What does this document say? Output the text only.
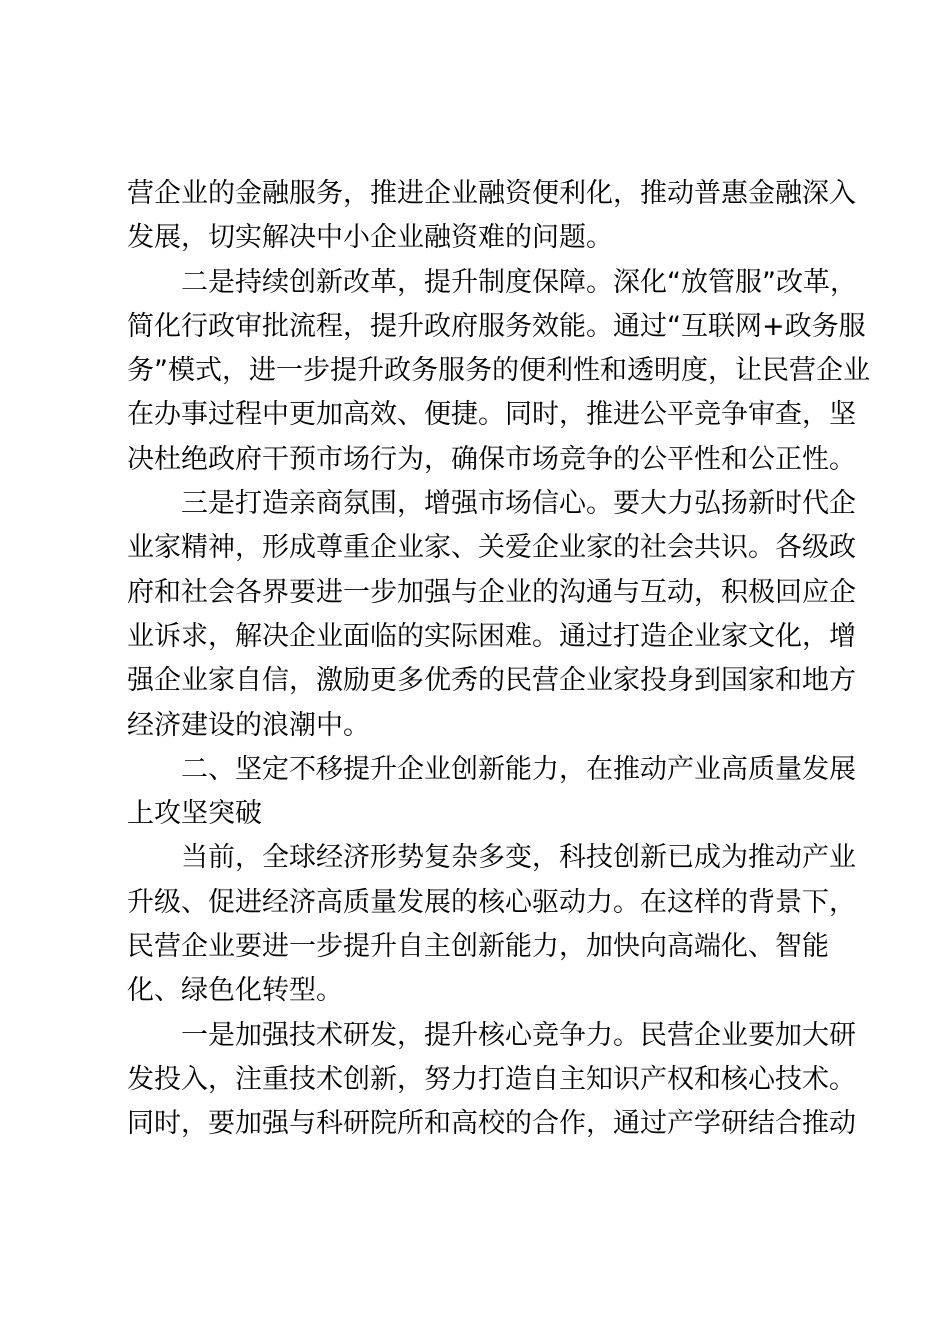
营企业的金融服务，推进企业融资便利化，推动普惠金融深入
发展，切实解决中小企业融资难的问题。
二是持续创新改革，提升制度保障。深化“放管服”改革，
简化行政审批流程，提升政府服务效能。通过“互联网+政务服
务”模式，进一步提升政务服务的便利性和透明度，让民营企业
在办事过程中更加高效、便捷。同时，推进公平竞争审查，坚
决杜绝政府干预市场行为，确保市场竞争的公平性和公正性。
三是打造亲商氛围，增强市场信心。要大力弘扬新时代企
业家精神，形成尊重企业家、关爱企业家的社会共识。各级政
府和社会各界要进一步加强与企业的沟通与互动，积极回应企
业诉求，解决企业面临的实际困难。通过打造企业家文化，增
强企业家自信，激励更多优秀的民营企业家投身到国家和地方
经济建设的浪潮中。
二、坚定不移提升企业创新能力，在推动产业高质量发展
上攻坚突破
当前，全球经济形势复杂多变，科技创新已成为推动产业
升级、促进经济高质量发展的核心驱动力。在这样的背景下，
民营企业要进一步提升自主创新能力，加快向高端化、智能
化、绿色化转型。
一是加强技术研发，提升核心竞争力。民营企业要加大研
发投入，注重技术创新，努力打造自主知识产权和核心技术。
同时，要加强与科研院所和高校的合作，通过产学研结合推动
